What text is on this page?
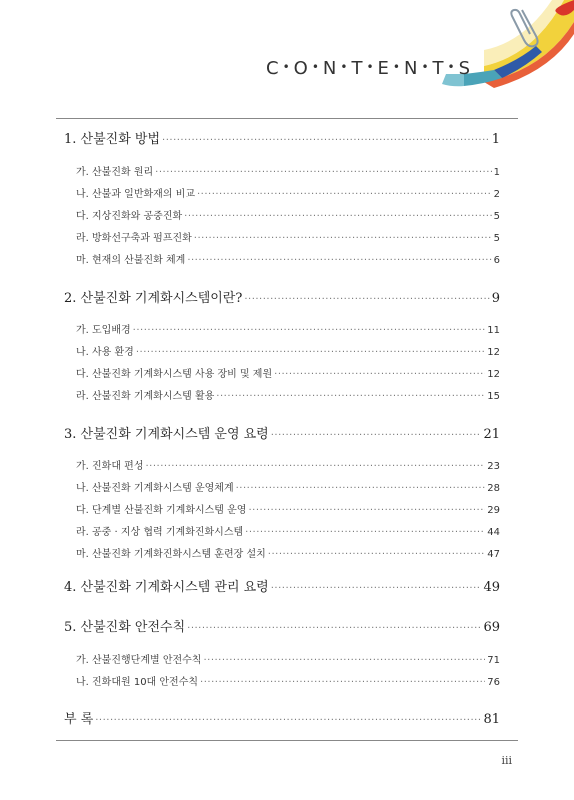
C • O • N • T • E • N • T • S
1. 산불진화 방법 ·····	1
가. 산불진화 원리 ·····	1
나. 산불과 일반화재의 비교 ·····	2
다. 지상진화와 공중진화 ·····	5
라. 방화선구축과 펌프진화 ·····	5
마. 현재의 산불진화 체계 ·····	6
2. 산불진화 기계화시스템이란? ·····	9
가. 도입배경 ·····	11
나. 사용 환경 ·····	12
다. 산불진화 기계화시스템 사용 장비 및 제원 ·····	12
라. 산불진화 기계화시스템 활용 ·····	15
3. 산불진화 기계화시스템 운영 요령 ·····	21
가. 진화대 편성 ·····	23
나. 산불진화 기계화시스템 운영체계 ·····	28
다. 단계별 산불진화 기계화시스템 운영 ·····	29
라. 공중 · 지상 협력 기계화진화시스템 ·····	44
마. 산불진화 기계화진화시스템 훈련장 설치 ·····	47
4. 산불진화 기계화시스템 관리 요령 ·····	49
5. 산불진화 안전수칙 ·····	69
가. 산불진행단계별 안전수칙 ·····	71
나. 진화대원 10대 안전수칙 ·····	76
부 록 ·····	81
iii
